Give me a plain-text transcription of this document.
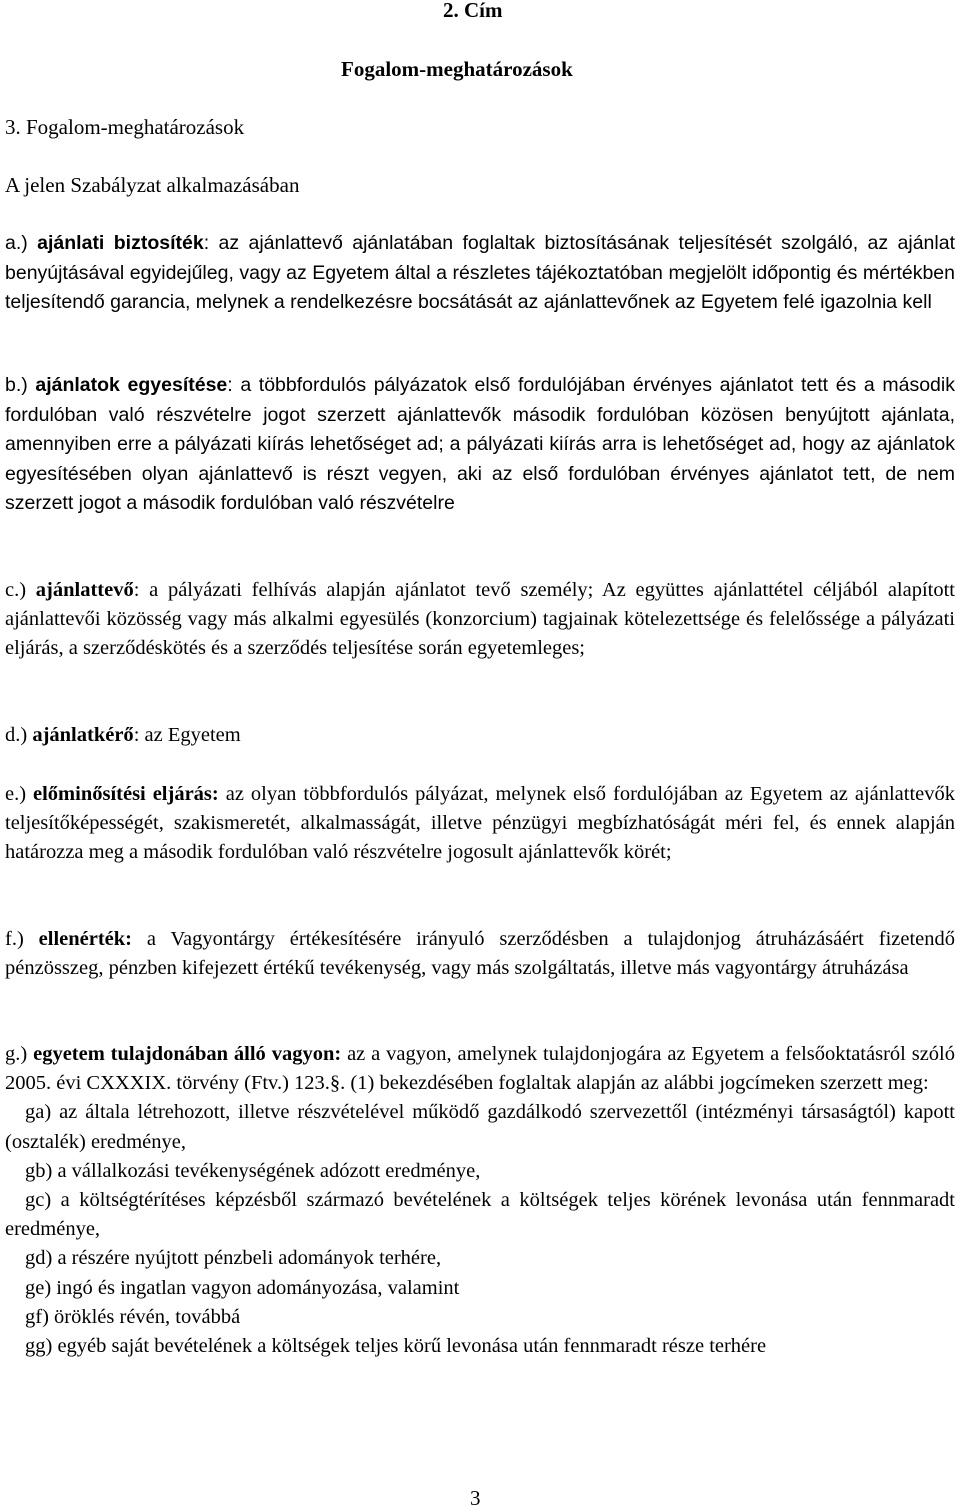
2. Cím
Fogalom-meghatározások
3. Fogalom-meghatározások
A jelen Szabályzat alkalmazásában

a.) ajánlati biztosíték: az ajánlattevő ajánlatában foglaltak biztosításának teljesítését szolgáló, az ajánlat benyújtásával egyidejűleg, vagy az Egyetem által a részletes tájékoztatóban megjelölt időpontig és mértékben teljesítendő garancia, melynek a rendelkezésre bocsátását az ajánlattevőnek az Egyetem felé igazolnia kell

b.) ajánlatok egyesítése: a többfordulós pályázatok első fordulójában érvényes ajánlatot tett és a második fordulóban való részvételre jogot szerzett ajánlattevők második fordulóban közösen benyújtott ajánlata, amennyiben erre a pályázati kiírás lehetőséget ad; a pályázati kiírás arra is lehetőséget ad, hogy az ajánlatok egyesítésében olyan ajánlattevő is részt vegyen, aki az első fordulóban érvényes ajánlatot tett, de nem szerzett jogot a második fordulóban való részvételre

c.) ajánlattevő: a pályázati felhívás alapján ajánlatot tevő személy; Az együttes ajánlattétel céljából alapított ajánlattevői közösség vagy más alkalmi egyesülés (konzorcium) tagjainak kötelezettsége és felelőssége a pályázati eljárás, a szerződéskötés és a szerződés teljesítése során egyetemleges;

d.) ajánlatkérő: az Egyetem

e.) előminősítési eljárás: az olyan többfordulós pályázat, melynek első fordulójában az Egyetem az ajánlattevők teljesítőképességét, szakismeretét, alkalmasságát, illetve pénzügyi megbízhatóságát méri fel, és ennek alapján határozza meg a második fordulóban való részvételre jogosult ajánlattevők körét;

f.) ellenérték: a Vagyontárgy értékesítésére irányuló szerződésben a tulajdonjog átruházásáért fizetendő pénzösszeg, pénzben kifejezett értékű tevékenység, vagy más szolgáltatás, illetve más vagyontárgy átruházása

g.) egyetem tulajdonában álló vagyon: az a vagyon, amelynek tulajdonjogára az Egyetem a felsőoktatásról szóló 2005. évi CXXXIX. törvény (Ftv.) 123.§. (1) bekezdésében foglaltak alapján az alábbi jogcímeken szerzett meg:
ga) az általa létrehozott, illetve részvételével működő gazdálkodó szervezettől (intézményi társaságtól) kapott (osztalék) eredménye,
gb) a vállalkozási tevékenységének adózott eredménye,
gc) a költségtérítéses képzésből származó bevételének a költségek teljes körének levonása után fennmaradt eredménye,
gd) a részére nyújtott pénzbeli adományok terhére,
ge) ingó és ingatlan vagyon adományozása, valamint
gf) öröklés révén, továbbá
gg) egyéb saját bevételének a költségek teljes körű levonása után fennmaradt része terhére
3
